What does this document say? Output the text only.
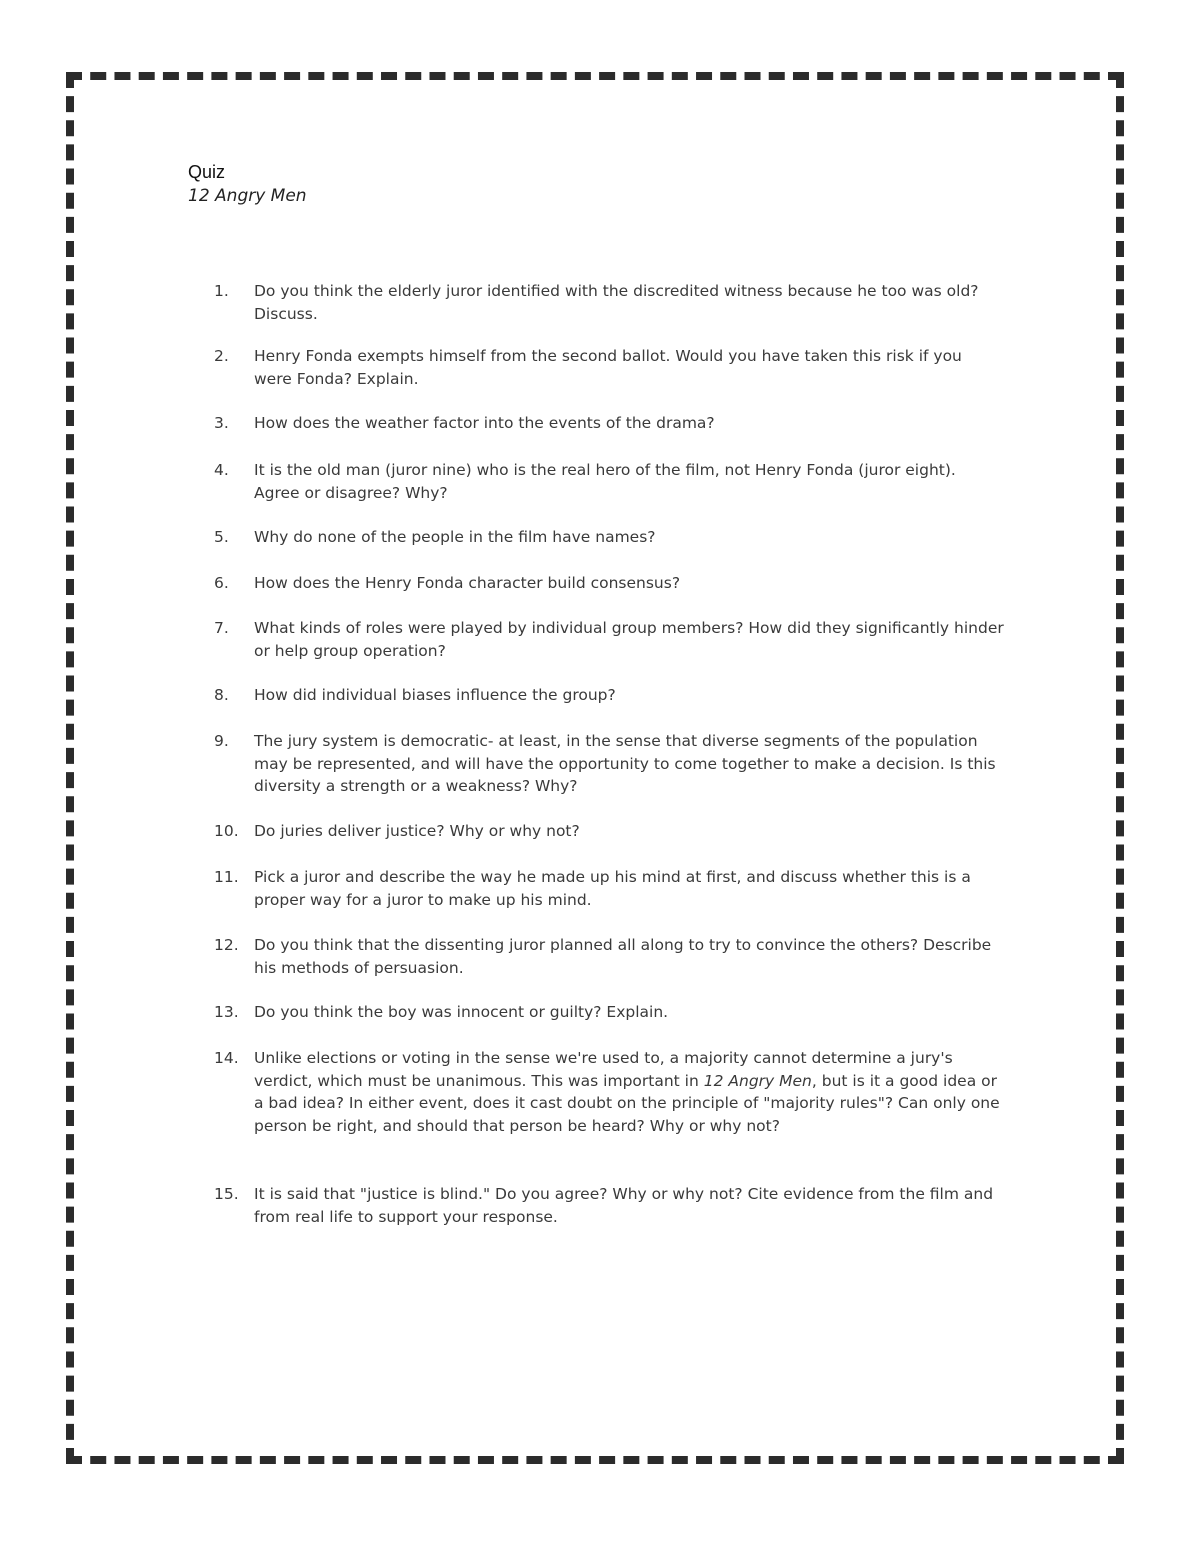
Quiz
12 Angry Men
1.	Do you think the elderly juror identified with the discredited witness because he too was old? Discuss.
2.	Henry Fonda exempts himself from the second ballot. Would you have taken this risk if you were Fonda? Explain.
3.	How does the weather factor into the events of the drama?
4.	It is the old man (juror nine) who is the real hero of the film, not Henry Fonda (juror eight). Agree or disagree? Why?
5.	Why do none of the people in the film have names?
6.	How does the Henry Fonda character build consensus?
7.	What kinds of roles were played by individual group members? How did they significantly hinder or help group operation?
8.	How did individual biases influence the group?
9.	The jury system is democratic- at least, in the sense that diverse segments of the population may be represented, and will have the opportunity to come together to make a decision. Is this diversity a strength or a weakness? Why?
10. Do juries deliver justice? Why or why not?
11. Pick a juror and describe the way he made up his mind at first, and discuss whether this is a proper way for a juror to make up his mind.
12. Do you think that the dissenting juror planned all along to try to convince the others? Describe his methods of persuasion.
13. Do you think the boy was innocent or guilty? Explain.
14. Unlike elections or voting in the sense we're used to, a majority cannot determine a jury's verdict, which must be unanimous. This was important in 12 Angry Men, but is it a good idea or a bad idea? In either event, does it cast doubt on the principle of "majority rules"? Can only one person be right, and should that person be heard? Why or why not?
15. It is said that "justice is blind." Do you agree? Why or why not? Cite evidence from the film and from real life to support your response.
